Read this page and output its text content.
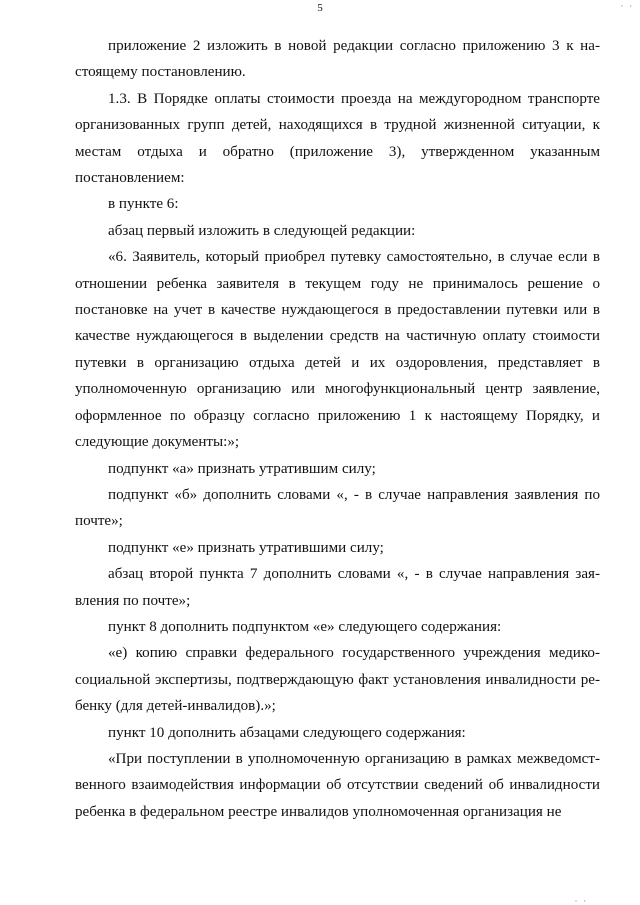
‚ ‚
5

приложение 2 изложить в новой редакции согласно приложению 3 к настоящему постановлению.

1.3. В Порядке оплаты стоимости проезда на междугородном транспорте организованных групп детей, находящихся в трудной жизненной ситуации, к местам отдыха и обратно (приложение 3), утвержденном указанным постановлением:

в пункте 6:

абзац первый изложить в следующей редакции:

«6. Заявитель, который приобрел путевку самостоятельно, в случае если в отношении ребенка заявителя в текущем году не принималось решение о постановке на учет в качестве нуждающегося в предоставлении путевки или в качестве нуждающегося в выделении средств на частичную оплату стоимости путевки в организацию отдыха детей и их оздоровления, представляет в уполномоченную организацию или многофункциональный центр заявление, оформленное по образцу согласно приложению 1 к настоящему Порядку, и следующие документы:»;

подпункт «а» признать утратившим силу;

подпункт «б» дополнить словами «, - в случае направления заявления по почте»;

подпункт «е» признать утратившими силу;

абзац второй пункта 7 дополнить словами «, - в случае направления заявления по почте»;

пункт 8 дополнить подпунктом «е» следующего содержания:

«е) копию справки федерального государственного учреждения медико-социальной экспертизы, подтверждающую факт установления инвалидности ребенку (для детей-инвалидов).»;

пункт 10 дополнить абзацами следующего содержания:

«При поступлении в уполномоченную организацию в рамках межведомственного взаимодействия информации об отсутствии сведений об инвалидности ребенка в федеральном реестре инвалидов уполномоченная организация не

‚ ‚
